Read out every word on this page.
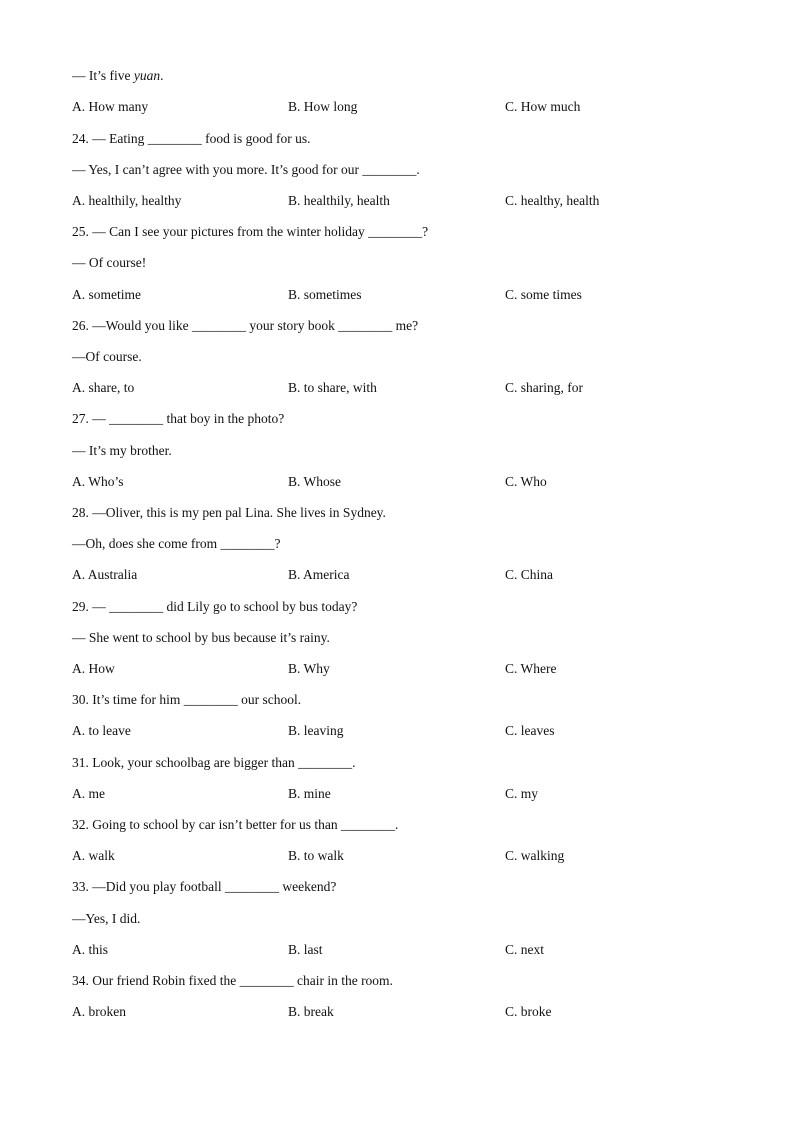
— It’s five yuan.
A. How many	B. How long	C. How much
24. — Eating ________ food is good for us.
— Yes, I can’t agree with you more. It’s good for our ________.
A. healthily, healthy	B. healthily, health	C. healthy, health
25. — Can I see your pictures from the winter holiday ________?
— Of course!
A. sometime	B. sometimes	C. some times
26. —Would you like ________ your story book ________ me?
—Of course.
A. share, to	B. to share, with	C. sharing, for
27. — ________ that boy in the photo?
— It’s my brother.
A. Who’s	B. Whose	C. Who
28. —Oliver, this is my pen pal Lina. She lives in Sydney.
—Oh, does she come from ________?
A. Australia	B. America	C. China
29. — ________ did Lily go to school by bus today?
— She went to school by bus because it’s rainy.
A. How	B. Why	C. Where
30. It’s time for him ________ our school.
A. to leave	B. leaving	C. leaves
31. Look, your schoolbag are bigger than ________.
A. me	B. mine	C. my
32. Going to school by car isn’t better for us than ________.
A. walk	B. to walk	C. walking
33. —Did you play football ________ weekend?
—Yes, I did.
A. this	B. last	C. next
34. Our friend Robin fixed the ________ chair in the room.
A. broken	B. break	C. broke
